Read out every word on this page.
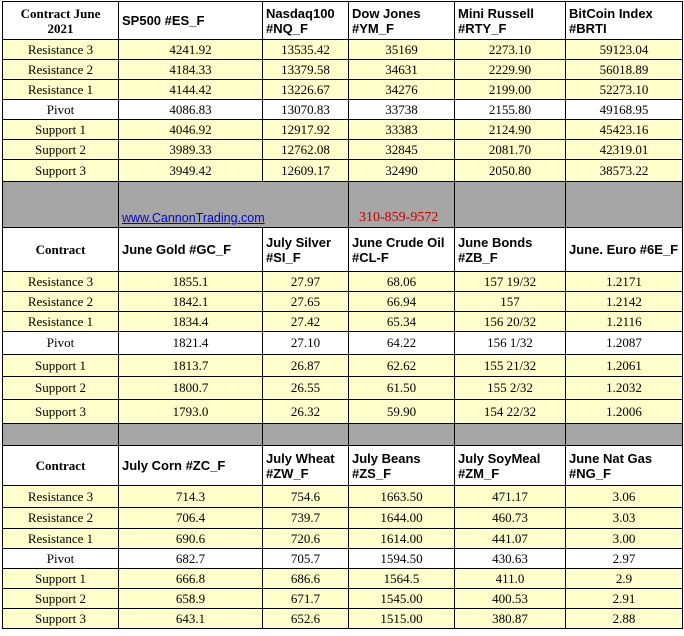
Contract June 2021	SP500 #ES_F	Nasdaq100 #NQ_F	Dow Jones #YM_F	Mini Russell #RTY_F	BitCoin Index #BRTI
Resistance 3	4241.92	13535.42	35169	2273.10	59123.04
Resistance 2	4184.33	13379.58	34631	2229.90	56018.89
Resistance 1	4144.42	13226.67	34276	2199.00	52273.10
Pivot	4086.83	13070.83	33738	2155.80	49168.95
Support 1	4046.92	12917.92	33383	2124.90	45423.16
Support 2	3989.33	12762.08	32845	2081.70	42319.01
Support 3	3949.42	12609.17	32490	2050.80	38573.22
	www.CannonTrading.com		310-859-9572		
Contract	June Gold #GC_F	July Silver #SI_F	June Crude Oil #CL-F	June Bonds #ZB_F	June. Euro #6E_F
Resistance 3	1855.1	27.97	68.06	157 19/32	1.2171
Resistance 2	1842.1	27.65	66.94	157	1.2142
Resistance 1	1834.4	27.42	65.34	156 20/32	1.2116
Pivot	1821.4	27.10	64.22	156 1/32	1.2087
Support 1	1813.7	26.87	62.62	155 21/32	1.2061
Support 2	1800.7	26.55	61.50	155 2/32	1.2032
Support 3	1793.0	26.32	59.90	154 22/32	1.2006

Contract	July Corn #ZC_F	July Wheat #ZW_F	July Beans #ZS_F	July SoyMeal #ZM_F	June Nat Gas #NG_F
Resistance 3	714.3	754.6	1663.50	471.17	3.06
Resistance 2	706.4	739.7	1644.00	460.73	3.03
Resistance 1	690.6	720.6	1614.00	441.07	3.00
Pivot	682.7	705.7	1594.50	430.63	2.97
Support 1	666.8	686.6	1564.5	411.0	2.9
Support 2	658.9	671.7	1545.00	400.53	2.91
Support 3	643.1	652.6	1515.00	380.87	2.88
